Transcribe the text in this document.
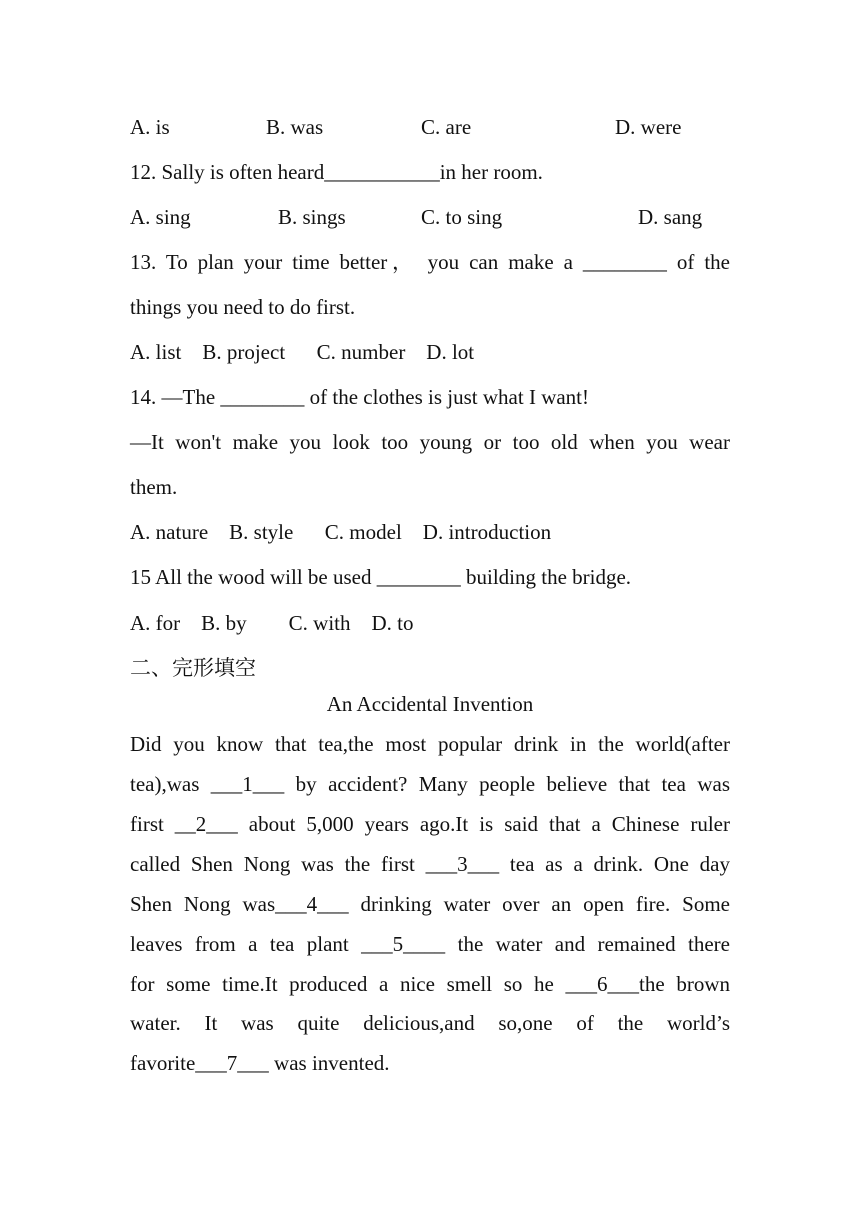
A. is	B. was	C. are	D. were
12. Sally is often heard___________in her room.
A. sing	B. sings	C. to sing	D. sang
13. To plan your time better， you can make a ________ of the
things you need to do first.
A. list    B. project      C. number    D. lot
14. —The ________ of the clothes is just what I want!
—It won't make you look too young or too old when you wear
them.
A. nature    B. style      C. model    D. introduction
15 All the wood will be used ________ building the bridge.
A. for    B. by        C. with    D. to
二、完形填空
An Accidental Invention
Did you know that tea,the most popular drink in the world(after
tea),was ___1___ by accident? Many people believe that tea was
first __2___ about 5,000 years ago.It is said that a Chinese ruler
called Shen Nong was the first ___3___ tea as a drink. One day
Shen Nong was___4___ drinking water over an open fire. Some
leaves from a tea plant ___5____ the water and remained there
for some time.It produced a nice smell so he ___6___the brown
water. It was quite delicious,and so,one of the world’s
favorite___7___ was invented.
